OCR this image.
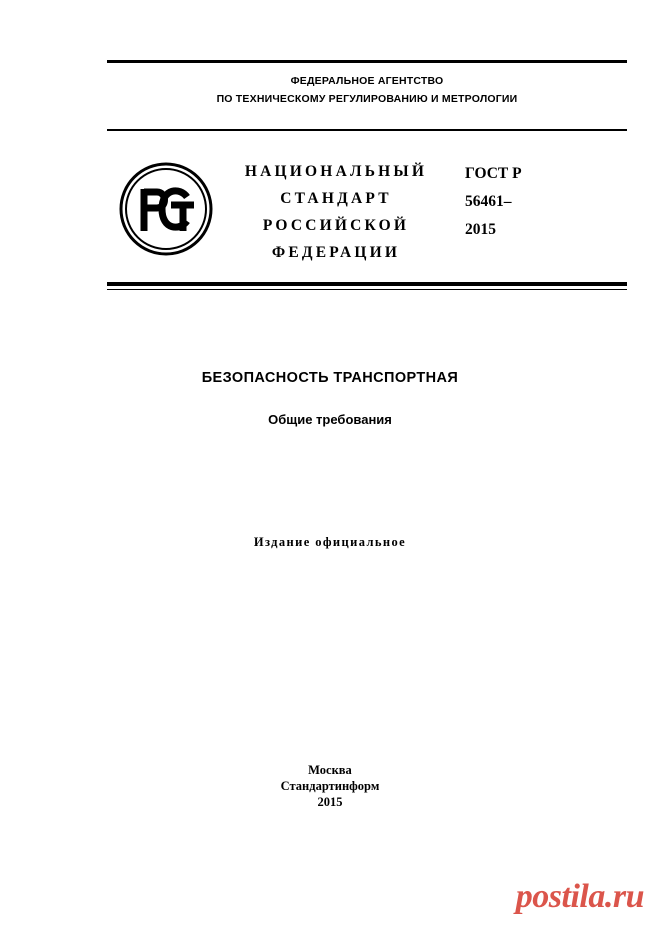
ФЕДЕРАЛЬНОЕ АГЕНТСТВО
ПО ТЕХНИЧЕСКОМУ РЕГУЛИРОВАНИЮ И МЕТРОЛОГИИ
НАЦИОНАЛЬНЫЙ
СТАНДАРТ
РОССИЙСКОЙ
ФЕДЕРАЦИИ
ГОСТ Р
56461–
2015
БЕЗОПАСНОСТЬ ТРАНСПОРТНАЯ
Общие требования
Издание официальное
Москва
Стандартинформ
2015
postila.ru
